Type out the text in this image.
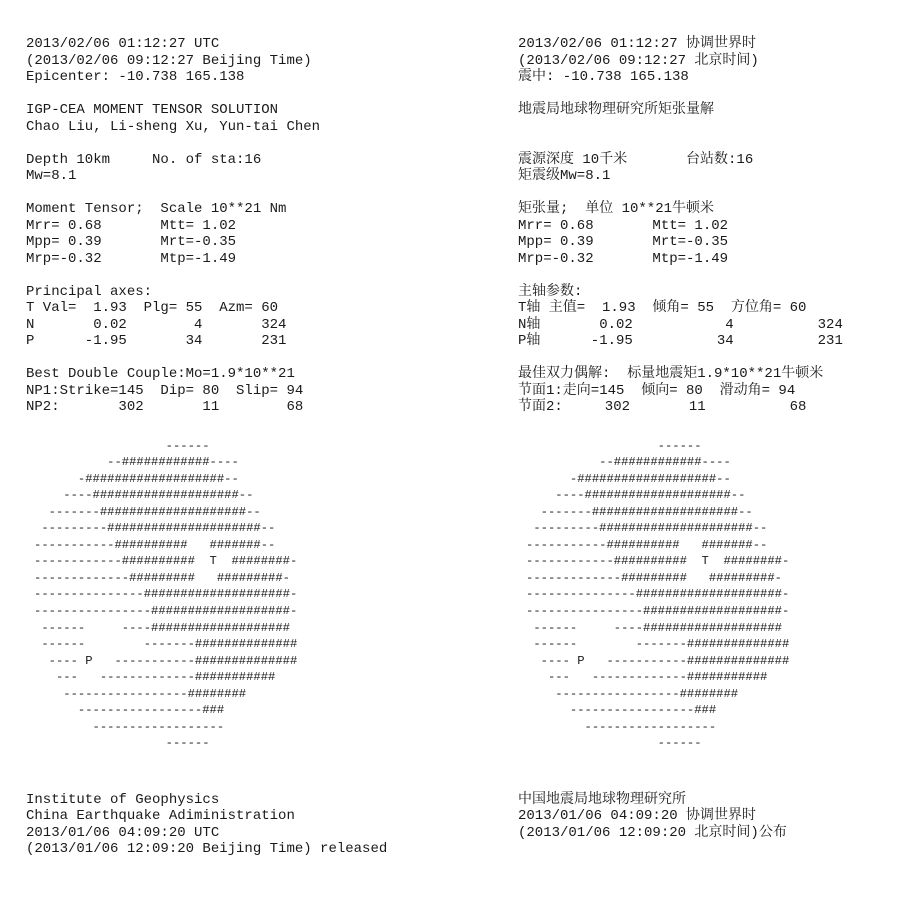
2013/02/06 01:12:27 UTC
(2013/02/06 09:12:27 Beijing Time)
Epicenter: -10.738 165.138
IGP-CEA MOMENT TENSOR SOLUTION
Chao Liu, Li-sheng Xu, Yun-tai Chen
Depth 10km     No. of sta:16
Mw=8.1
Moment Tensor;  Scale 10**21 Nm
Mrr= 0.68       Mtt= 1.02
Mpp= 0.39       Mrt=-0.35
Mrp=-0.32       Mtp=-1.49
Principal axes:
T Val=  1.93  Plg= 55  Azm= 60
N       0.02        4       324
P      -1.95       34       231
Best Double Couple:Mo=1.9*10**21
NP1:Strike=145  Dip= 80  Slip= 94
NP2:       302       11        68
------
--############----
-###################--
----####################--
-------####################--
---------#####################--
-----------##########   #######--
------------##########  T  ########-
-------------#########   #########-
---------------####################-
----------------###################-
------     ----###################
------        -------##############
---- P   -----------##############
---   -------------###########
-----------------########
-----------------###
------------------
------
Institute of Geophysics
China Earthquake Adiministration
2013/01/06 04:09:20 UTC
(2013/01/06 12:09:20 Beijing Time) released
2013/02/06 01:12:27 协调世界时
(2013/02/06 09:12:27 北京时间)
震中: -10.738 165.138
地震局地球物理研究所矩张量解
震源深度 10千米       台站数:16
矩震级Mw=8.1
矩张量;  单位 10**21牛顿米
Mrr= 0.68       Mtt= 1.02
Mpp= 0.39       Mrt=-0.35
Mrp=-0.32       Mtp=-1.49
主轴参数:
T轴 主值=  1.93  倾角= 55  方位角= 60
N轴       0.02           4          324
P轴      -1.95          34          231
最佳双力偶解:  标量地震矩1.9*10**21牛顿米
节面1:走向=145  倾向= 80  滑动角= 94
节面2:     302       11          68
------
--############----
-###################--
----####################--
-------####################--
---------#####################--
-----------##########   #######--
------------##########  T  ########-
-------------#########   #########-
---------------####################-
----------------###################-
------     ----###################
------        -------##############
---- P   -----------##############
---   -------------###########
-----------------########
-----------------###
------------------
------
中国地震局地球物理研究所
2013/01/06 04:09:20 协调世界时
(2013/01/06 12:09:20 北京时间)公布
